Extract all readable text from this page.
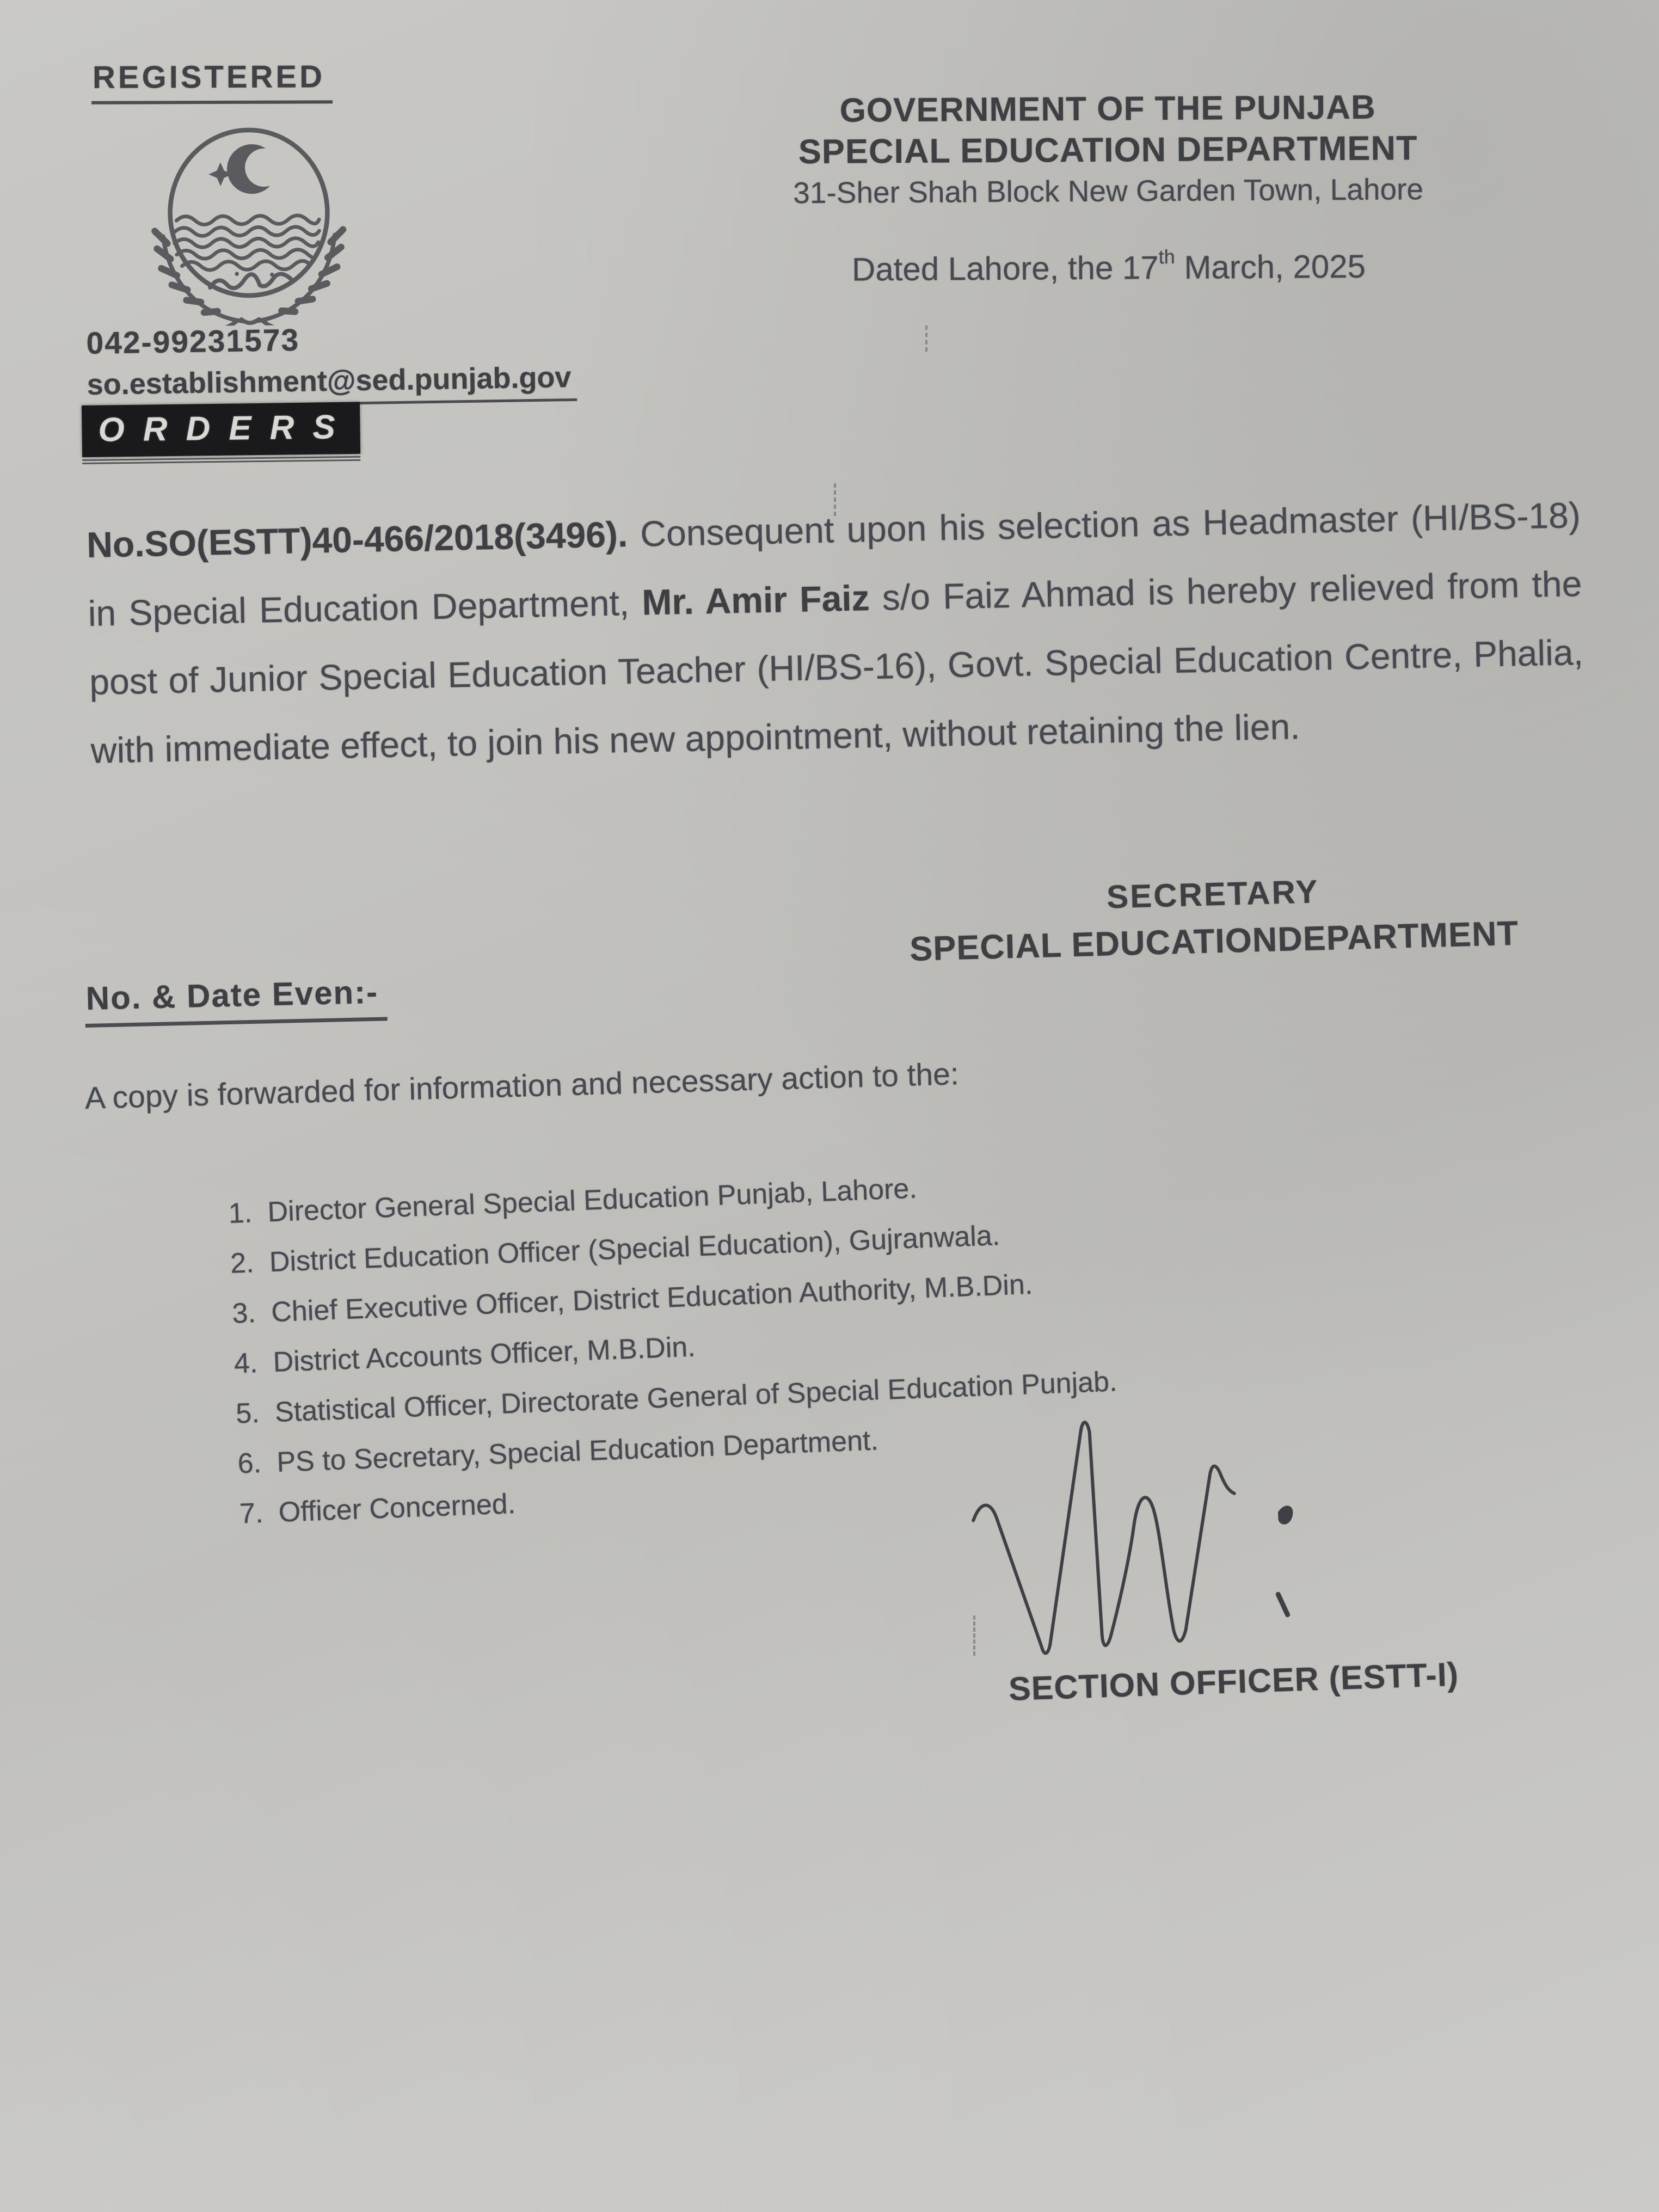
REGISTERED
042-99231573
so.establishment@sed.punjab.gov
GOVERNMENT OF THE PUNJAB
SPECIAL EDUCATION DEPARTMENT
31-Sher Shah Block New Garden Town, Lahore
Dated Lahore, the 17th March, 2025
ORDERS

No.SO(ESTT)40-466/2018(3496). Consequent upon his selection as Headmaster (HI/BS-18) in Special Education Department, Mr. Amir Faiz s/o Faiz Ahmad is hereby relieved from the post of Junior Special Education Teacher (HI/BS-16), Govt. Special Education Centre, Phalia, with immediate effect, to join his new appointment, without retaining the lien.

SECRETARY
SPECIAL EDUCATIONDEPARTMENT
No. & Date Even:-
A copy is forwarded for information and necessary action to the:
1. Director General Special Education Punjab, Lahore.
2. District Education Officer (Special Education), Gujranwala.
3. Chief Executive Officer, District Education Authority, M.B.Din.
4. District Accounts Officer, M.B.Din.
5. Statistical Officer, Directorate General of Special Education Punjab.
6. PS to Secretary, Special Education Department.
7. Officer Concerned.
SECTION OFFICER (ESTT-I)
